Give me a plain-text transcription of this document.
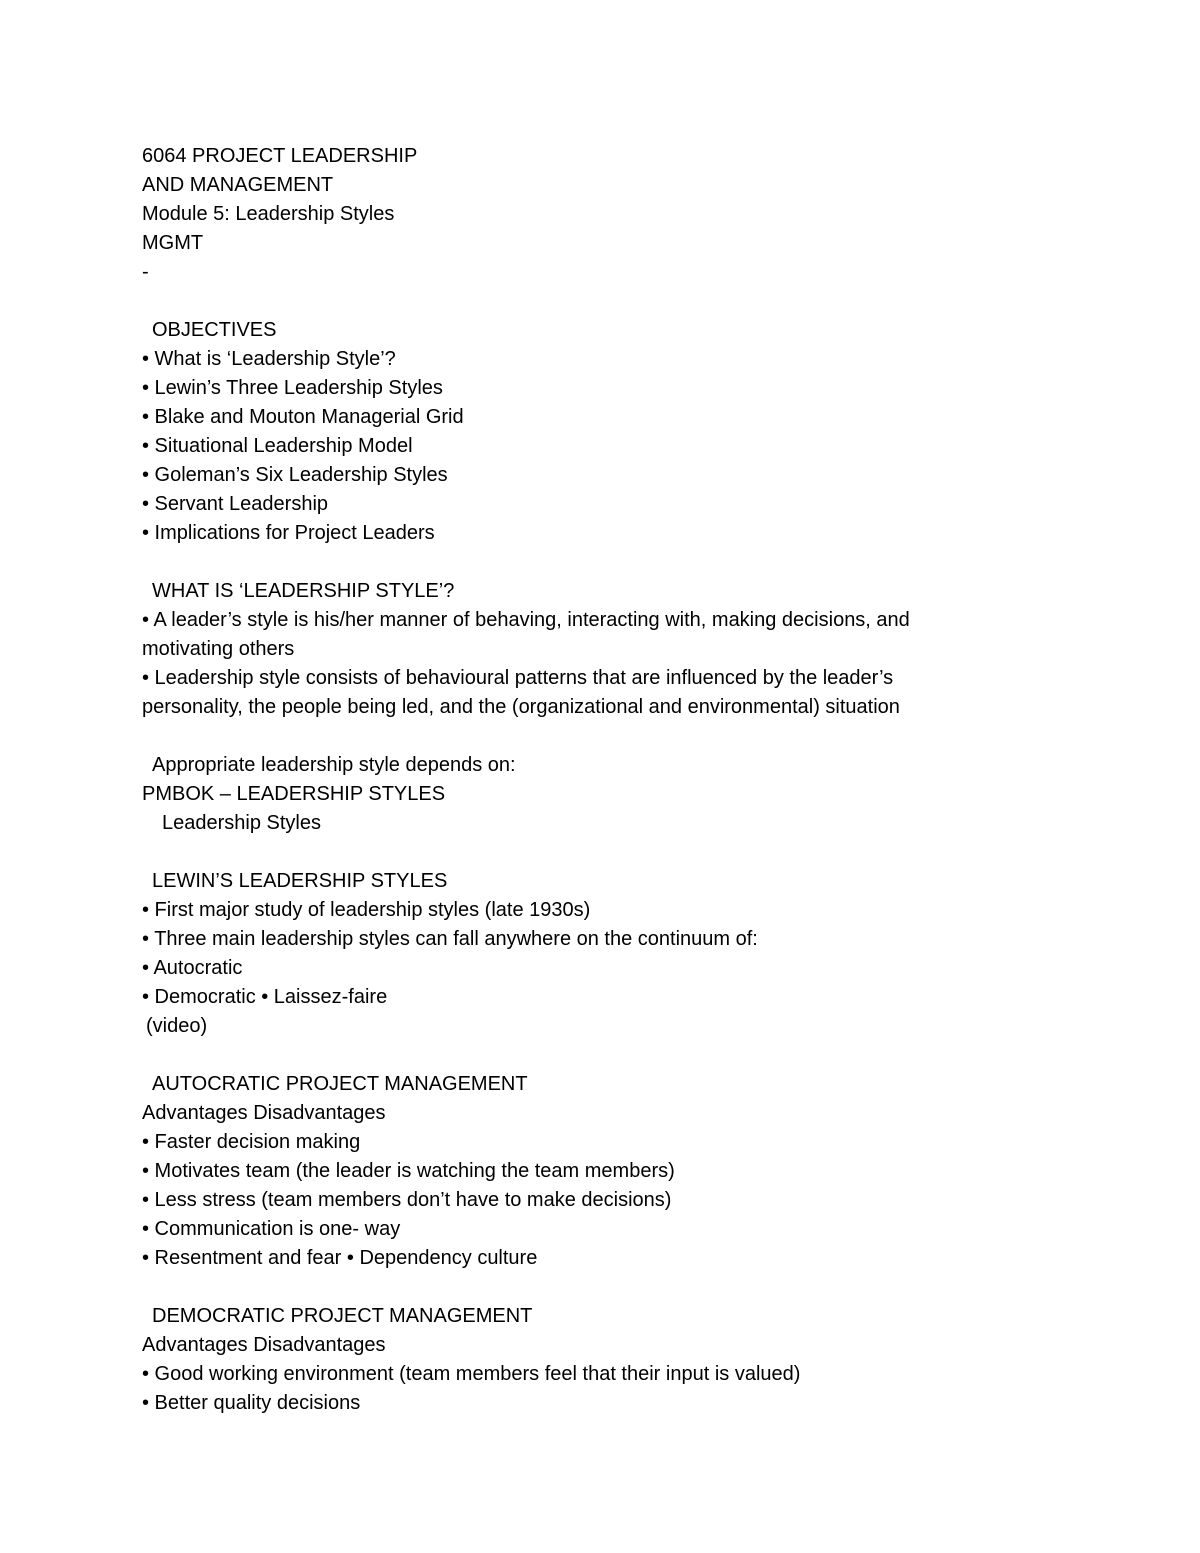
6064 PROJECT LEADERSHIP
AND MANAGEMENT
Module 5: Leadership Styles
MGMT
-
OBJECTIVES
• What is ‘Leadership Style’?
• Lewin’s Three Leadership Styles
• Blake and Mouton Managerial Grid
• Situational Leadership Model
• Goleman’s Six Leadership Styles
• Servant Leadership
• Implications for Project Leaders
WHAT IS ‘LEADERSHIP STYLE’?
• A leader’s style is his/her manner of behaving, interacting with, making decisions, and
motivating others
• Leadership style consists of behavioural patterns that are influenced by the leader’s
personality, the people being led, and the (organizational and environmental) situation
Appropriate leadership style depends on:
PMBOK – LEADERSHIP STYLES
Leadership Styles
LEWIN’S LEADERSHIP STYLES
• First major study of leadership styles (late 1930s)
• Three main leadership styles can fall anywhere on the continuum of:
• Autocratic
• Democratic • Laissez-faire
(video)
AUTOCRATIC PROJECT MANAGEMENT
Advantages Disadvantages
• Faster decision making
• Motivates team (the leader is watching the team members)
• Less stress (team members don’t have to make decisions)
• Communication is one- way
• Resentment and fear • Dependency culture
DEMOCRATIC PROJECT MANAGEMENT
Advantages Disadvantages
• Good working environment (team members feel that their input is valued)
• Better quality decisions
